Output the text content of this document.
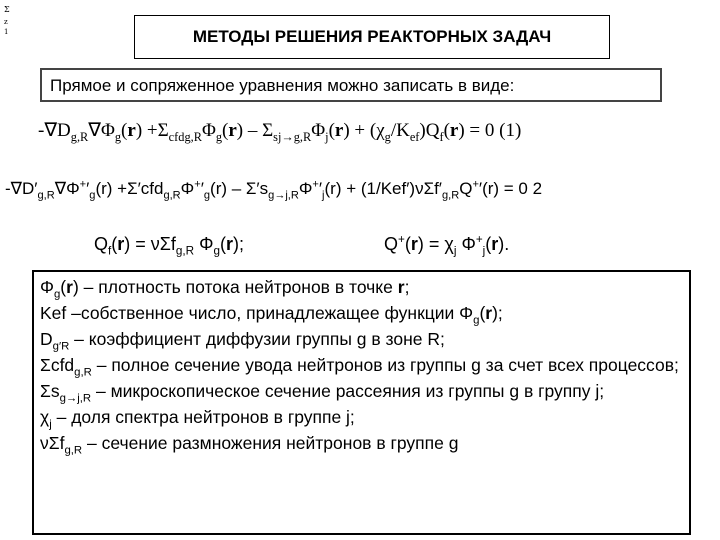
Σ
z
1	МЕТОДЫ РЕШЕНИЯ РЕАКТОРНЫХ ЗАДАЧ
Прямое и сопряженное уравнения можно записать в виде:
$-\nabla D_{g,R}\nabla\Phi_g(r) +\Sigma_{cfdg,R}\Phi_g(r) - \Sigma_{sj\to g,R}\Phi_j(r) + (\chi_g/K_{ef})Q_f(r) = 0$ (1)
$-\nabla D'_{g,R}\nabla\Phi^+'_g(r) +\Sigma'cfd_{g,R}\Phi^+'_g(r) - \Sigma's_{g\to j,R}\Phi^+'_j(r) + (1/Kef')\nu\Sigma f'_{g,R}Q^+'(r) = 0$ 2
$Q_f(r) = \nu\Sigma f_{g,R}$ $\Phi_g(r)$;	$Q^+(r) = \chi_j$ $\Phi^+_j(r)$.

$\Phi_g(r)$ – плотность потока нейтронов в точке r;

Kef –собственное число, принадлежащее функции $\Phi_g(r)$;

$D_{g'R}$ – коэффициент диффузии группы g в зоне R;

Σcfd$_{g,R}$ – полное сечение увода нейтронов из группы g за счет всех процессов;

$\Sigma s_{g\to j,R}$ – микроскопическое сечение рассеяния из группы g в группу j;

$\chi_j$ – доля спектра нейтронов в группе j;

νΣf$_{g,R}$ – сечение размножения нейтронов в группе g
